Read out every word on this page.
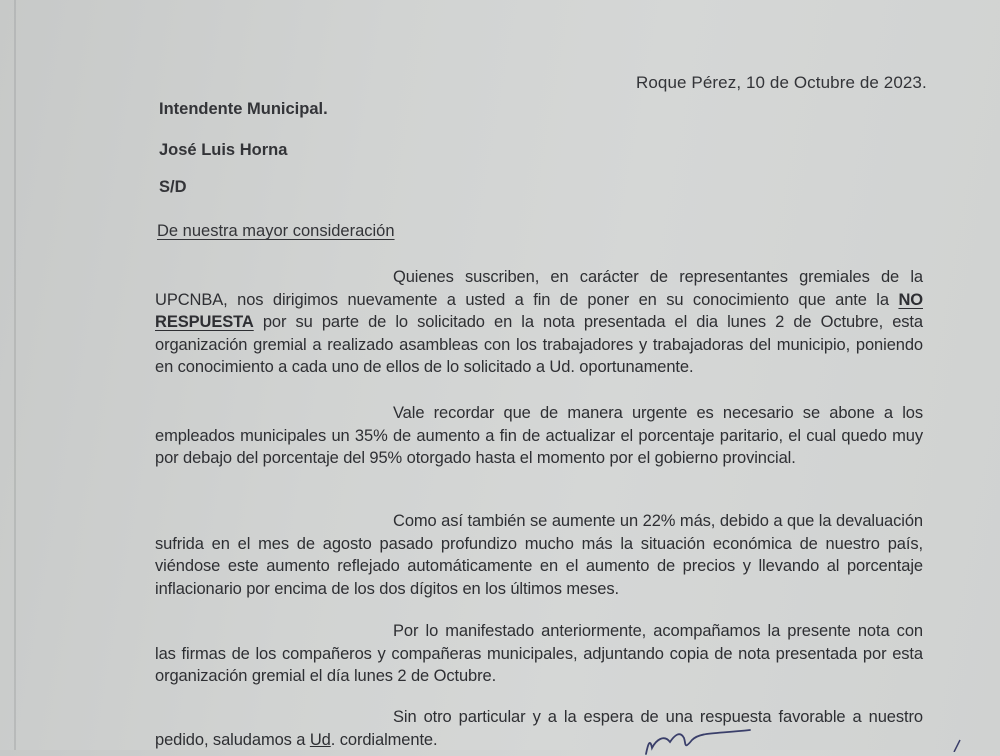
Roque Pérez, 10 de Octubre de 2023.
Intendente Municipal.
José Luis Horna
S/D
De nuestra mayor consideración
Quienes suscriben, en carácter de representantes gremiales de la UPCNBA, nos dirigimos nuevamente a usted a fin de poner en su conocimiento que ante la NO RESPUESTA por su parte de lo solicitado en la nota presentada el dia lunes 2 de Octubre, esta organización gremial a realizado asambleas con los trabajadores y trabajadoras del municipio, poniendo en conocimiento a cada uno de ellos de lo solicitado a Ud. oportunamente.
Vale recordar que de manera urgente es necesario se abone a los empleados municipales un 35% de aumento a fin de actualizar el porcentaje paritario, el cual quedo muy por debajo del porcentaje del 95% otorgado hasta el momento por el gobierno provincial.
Como así también se aumente un 22% más, debido a que la devaluación sufrida en el mes de agosto pasado profundizo mucho más la situación económica de nuestro país, viéndose este aumento reflejado automáticamente en el aumento de precios y llevando al porcentaje inflacionario por encima de los dos dígitos en los últimos meses.
Por lo manifestado anteriormente, acompañamos la presente nota con las firmas de los compañeros y compañeras municipales, adjuntando copia de nota presentada por esta organización gremial el día lunes 2 de Octubre.
Sin otro particular y a la espera de una respuesta favorable a nuestro pedido, saludamos a Ud. cordialmente.
